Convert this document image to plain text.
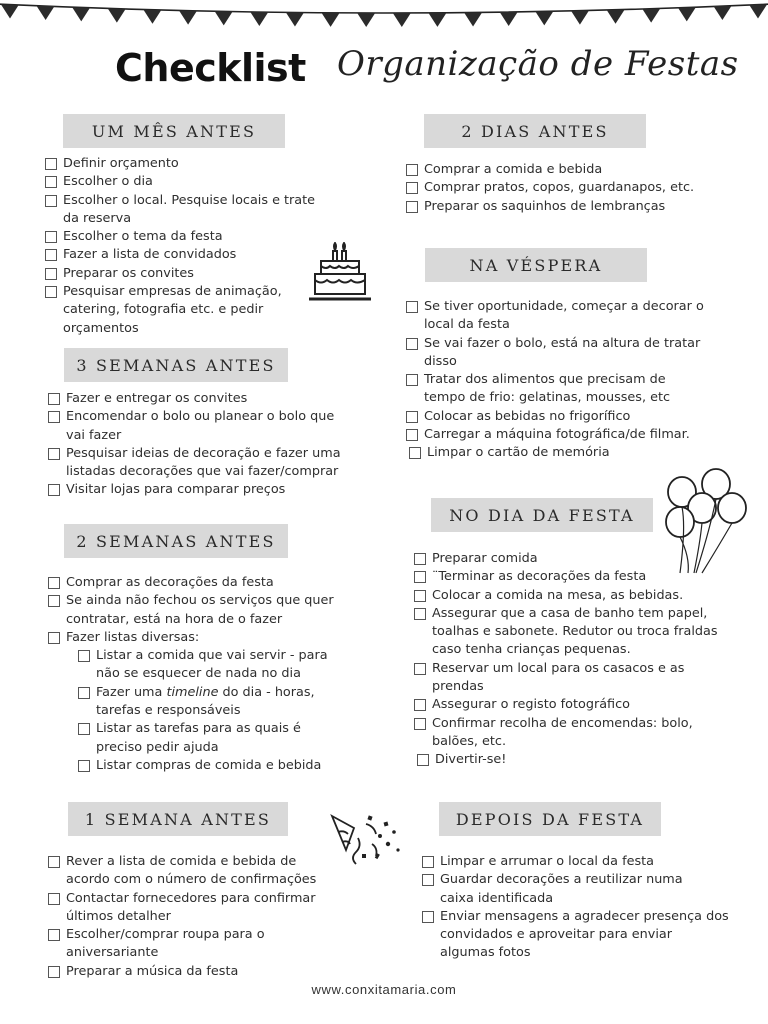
Checklist Organização de Festas
UM MÊS ANTES
3 SEMANAS ANTES
2 SEMANAS ANTES
1 SEMANA ANTES
2 DIAS ANTES
NA VÉSPERA
NO DIA DA FESTA
DEPOIS DA FESTA
Definir orçamento
Escolher o dia
Escolher o local. Pesquise locais e trate da reserva
Escolher o tema da festa
Fazer a lista de convidados
Preparar os convites
Pesquisar empresas de animação, catering, fotografia etc. e pedir orçamentos
Fazer e entregar os convites
Encomendar o bolo ou planear o bolo que vai fazer
Pesquisar ideias de decoração e fazer uma listadas decorações que vai fazer/comprar
Visitar lojas para comparar preços
Comprar as decorações da festa
Se ainda não fechou os serviços que quer contratar, está na hora de o fazer
Fazer listas diversas:
Listar a comida que vai servir - para não se esquecer de nada no dia
Fazer uma timeline do dia - horas, tarefas e responsáveis
Listar as tarefas para as quais é preciso pedir ajuda
Listar compras de comida e bebida
Rever a lista de comida e bebida de acordo com o número de confirmações
Contactar fornecedores para confirmar últimos detalher
Escolher/comprar roupa para o aniversariante
Preparar a música da festa
Comprar a comida e bebida
Comprar pratos, copos, guardanapos, etc.
Preparar os saquinhos de lembranças
Se tiver oportunidade, começar a decorar o local da festa
Se vai fazer o bolo, está na altura de tratar disso
Tratar dos alimentos que precisam de tempo de frio: gelatinas, mousses, etc
Colocar as bebidas no frigorífico
Carregar a máquina fotográfica/de filmar.
Limpar o cartão de memória
Preparar comida
¨Terminar as decorações da festa
Colocar a comida na mesa, as bebidas.
Assegurar que a casa de banho tem papel, toalhas e sabonete. Redutor ou troca fraldas caso tenha crianças pequenas.
Reservar um local para os casacos e as prendas
Assegurar o registo fotográfico
Confirmar recolha de encomendas: bolo, balões, etc.
Divertir-se!
Limpar e arrumar o local da festa
Guardar decorações a reutilizar numa caixa identificada
Enviar mensagens a agradecer presença dos convidados e aproveitar para enviar algumas fotos
www.conxitamaria.com
